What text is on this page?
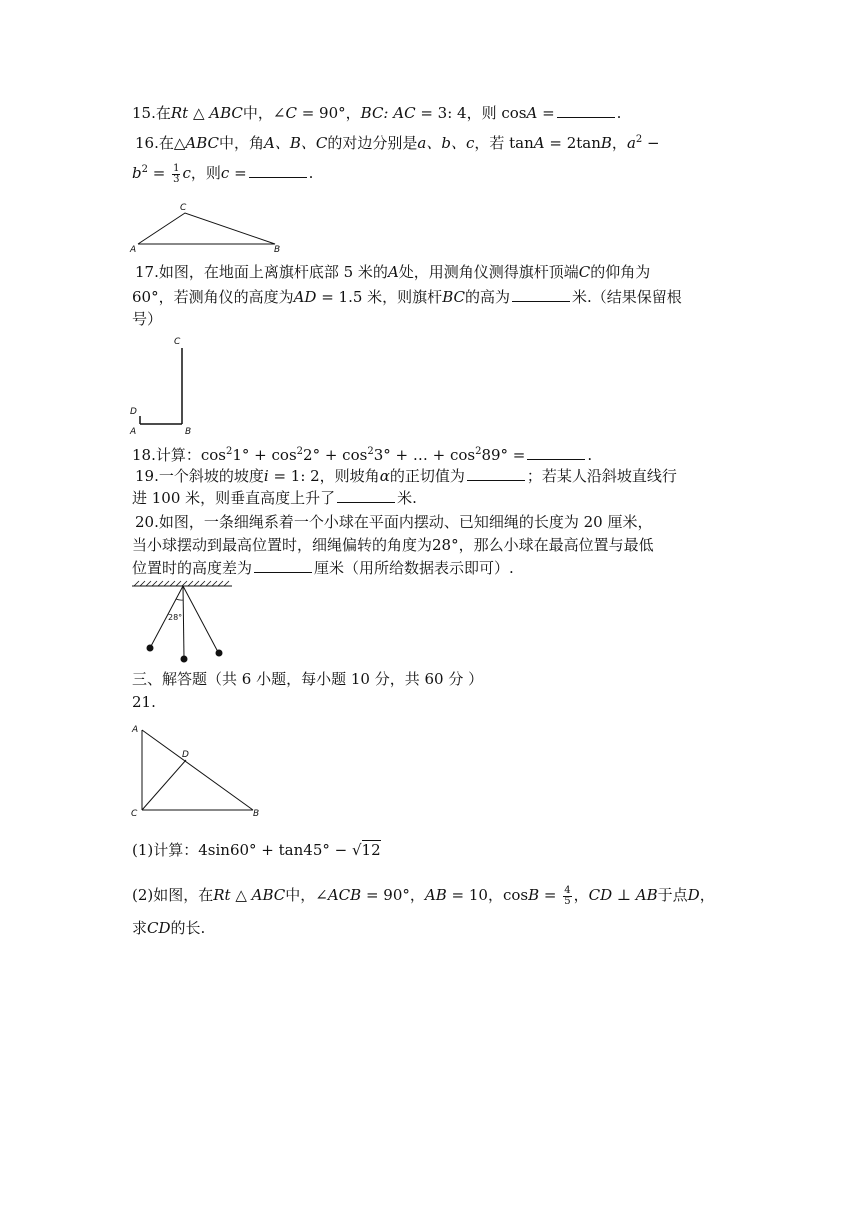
15.在Rt △ ABC中，∠C = 90°，BC: AC = 3: 4，则 cosA =	.
16.在△ABC中，角A、B、C的对边分别是a、b、c，若 tanA = 2tanB，$a^2$ −
$b^2 = \frac{1}{3}$ c，则c =	.
C
A	B
17.如图，在地面上离旗杆底部 5 米的A处，用测角仪测得旗杆顶端C的仰角为
60°，若测角仪的高度为AD = 1.5 米，则旗杆BC的高为	米.（结果保留根
号）
C
D
A	B
18.计算：$\cos^21^\circ + \cos^22^\circ + \cos^23^\circ$ + … + $\cos^289^\circ$ =	.
19.一个斜坡的坡度i = 1: 2，则坡角α的正切值为	；若某人沿斜坡直线行
进 100 米，则垂直高度上升了	米.
20.如图，一条细绳系着一个小球在平面内摆动、已知细绳的长度为 20 厘米，
当小球摆动到最高位置时，细绳偏转的角度为28°，那么小球在最高位置与最低
位置时的高度差为	厘米（用所给数据表示即可）.
28°
三、解答题（共 6 小题，每小题 10 分，共 60 分 ）
21.
A
D
C	B
(1)计算：4sin60° + tan45° − √12
(2)如图，在Rt △ ABC中，∠ACB = 90°，AB = 10，$\cos B = \frac{4}{5}$ ，CD ⊥ AB于点D，
求CD的长.
